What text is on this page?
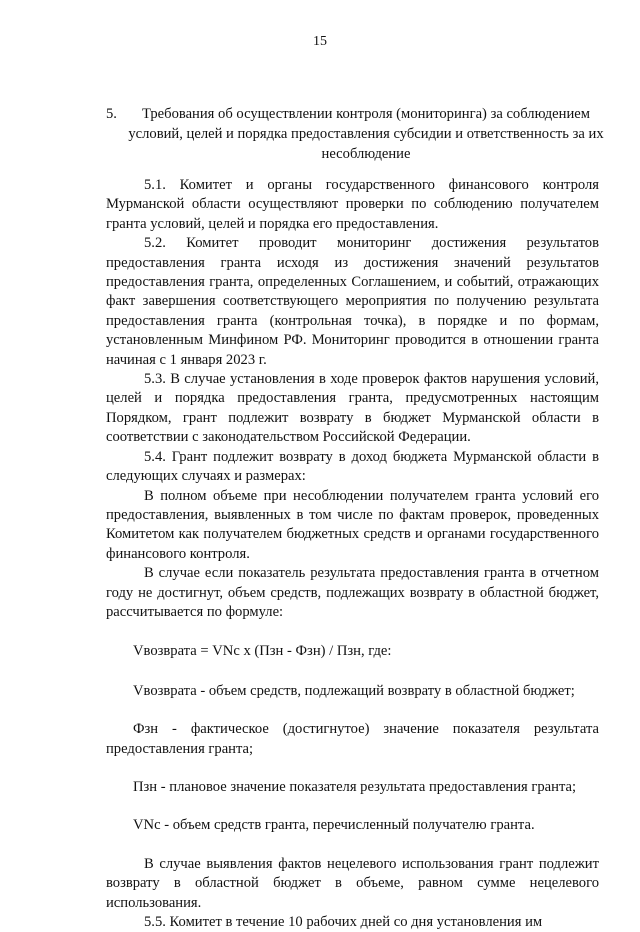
15
5.	Требования об осуществлении контроля (мониторинга) за соблюдением условий, целей и порядка предоставления субсидии и ответственность за их несоблюдение

5.1. Комитет и органы государственного финансового контроля Мурманской области осуществляют проверки по соблюдению получателем гранта условий, целей и порядка его предоставления.

5.2. Комитет проводит мониторинг достижения результатов предоставления гранта исходя из достижения значений результатов предоставления гранта, определенных Соглашением, и событий, отражающих факт завершения соответствующего мероприятия по получению результата предоставления гранта (контрольная точка), в порядке и по формам, установленным Минфином РФ. Мониторинг проводится в отношении гранта начиная с 1 января 2023 г.

5.3. В случае установления в ходе проверок фактов нарушения условий, целей и порядка предоставления гранта, предусмотренных настоящим Порядком, грант подлежит возврату в бюджет Мурманской области в соответствии с законодательством Российской Федерации.

5.4. Грант подлежит возврату в доход бюджета Мурманской области в следующих случаях и размерах:

В полном объеме при несоблюдении получателем гранта условий его предоставления, выявленных в том числе по фактам проверок, проведенных Комитетом как получателем бюджетных средств и органами государственного финансового контроля.

В случае если показатель результата предоставления гранта в отчетном году не достигнут, объем средств, подлежащих возврату в областной бюджет, рассчитывается по формуле:

Vвозврата = VNс x (Пзн - Фзн) / Пзн, где:

Vвозврата - объем средств, подлежащий возврату в областной бюджет;

Фзн - фактическое (достигнутое) значение показателя результата предоставления гранта;

Пзн - плановое значение показателя результата предоставления гранта;

VNс - объем средств гранта, перечисленный получателю гранта.

В случае выявления фактов нецелевого использования грант подлежит возврату в областной бюджет в объеме, равном сумме нецелевого использования.

5.5. Комитет в течение 10 рабочих дней со дня установления им
